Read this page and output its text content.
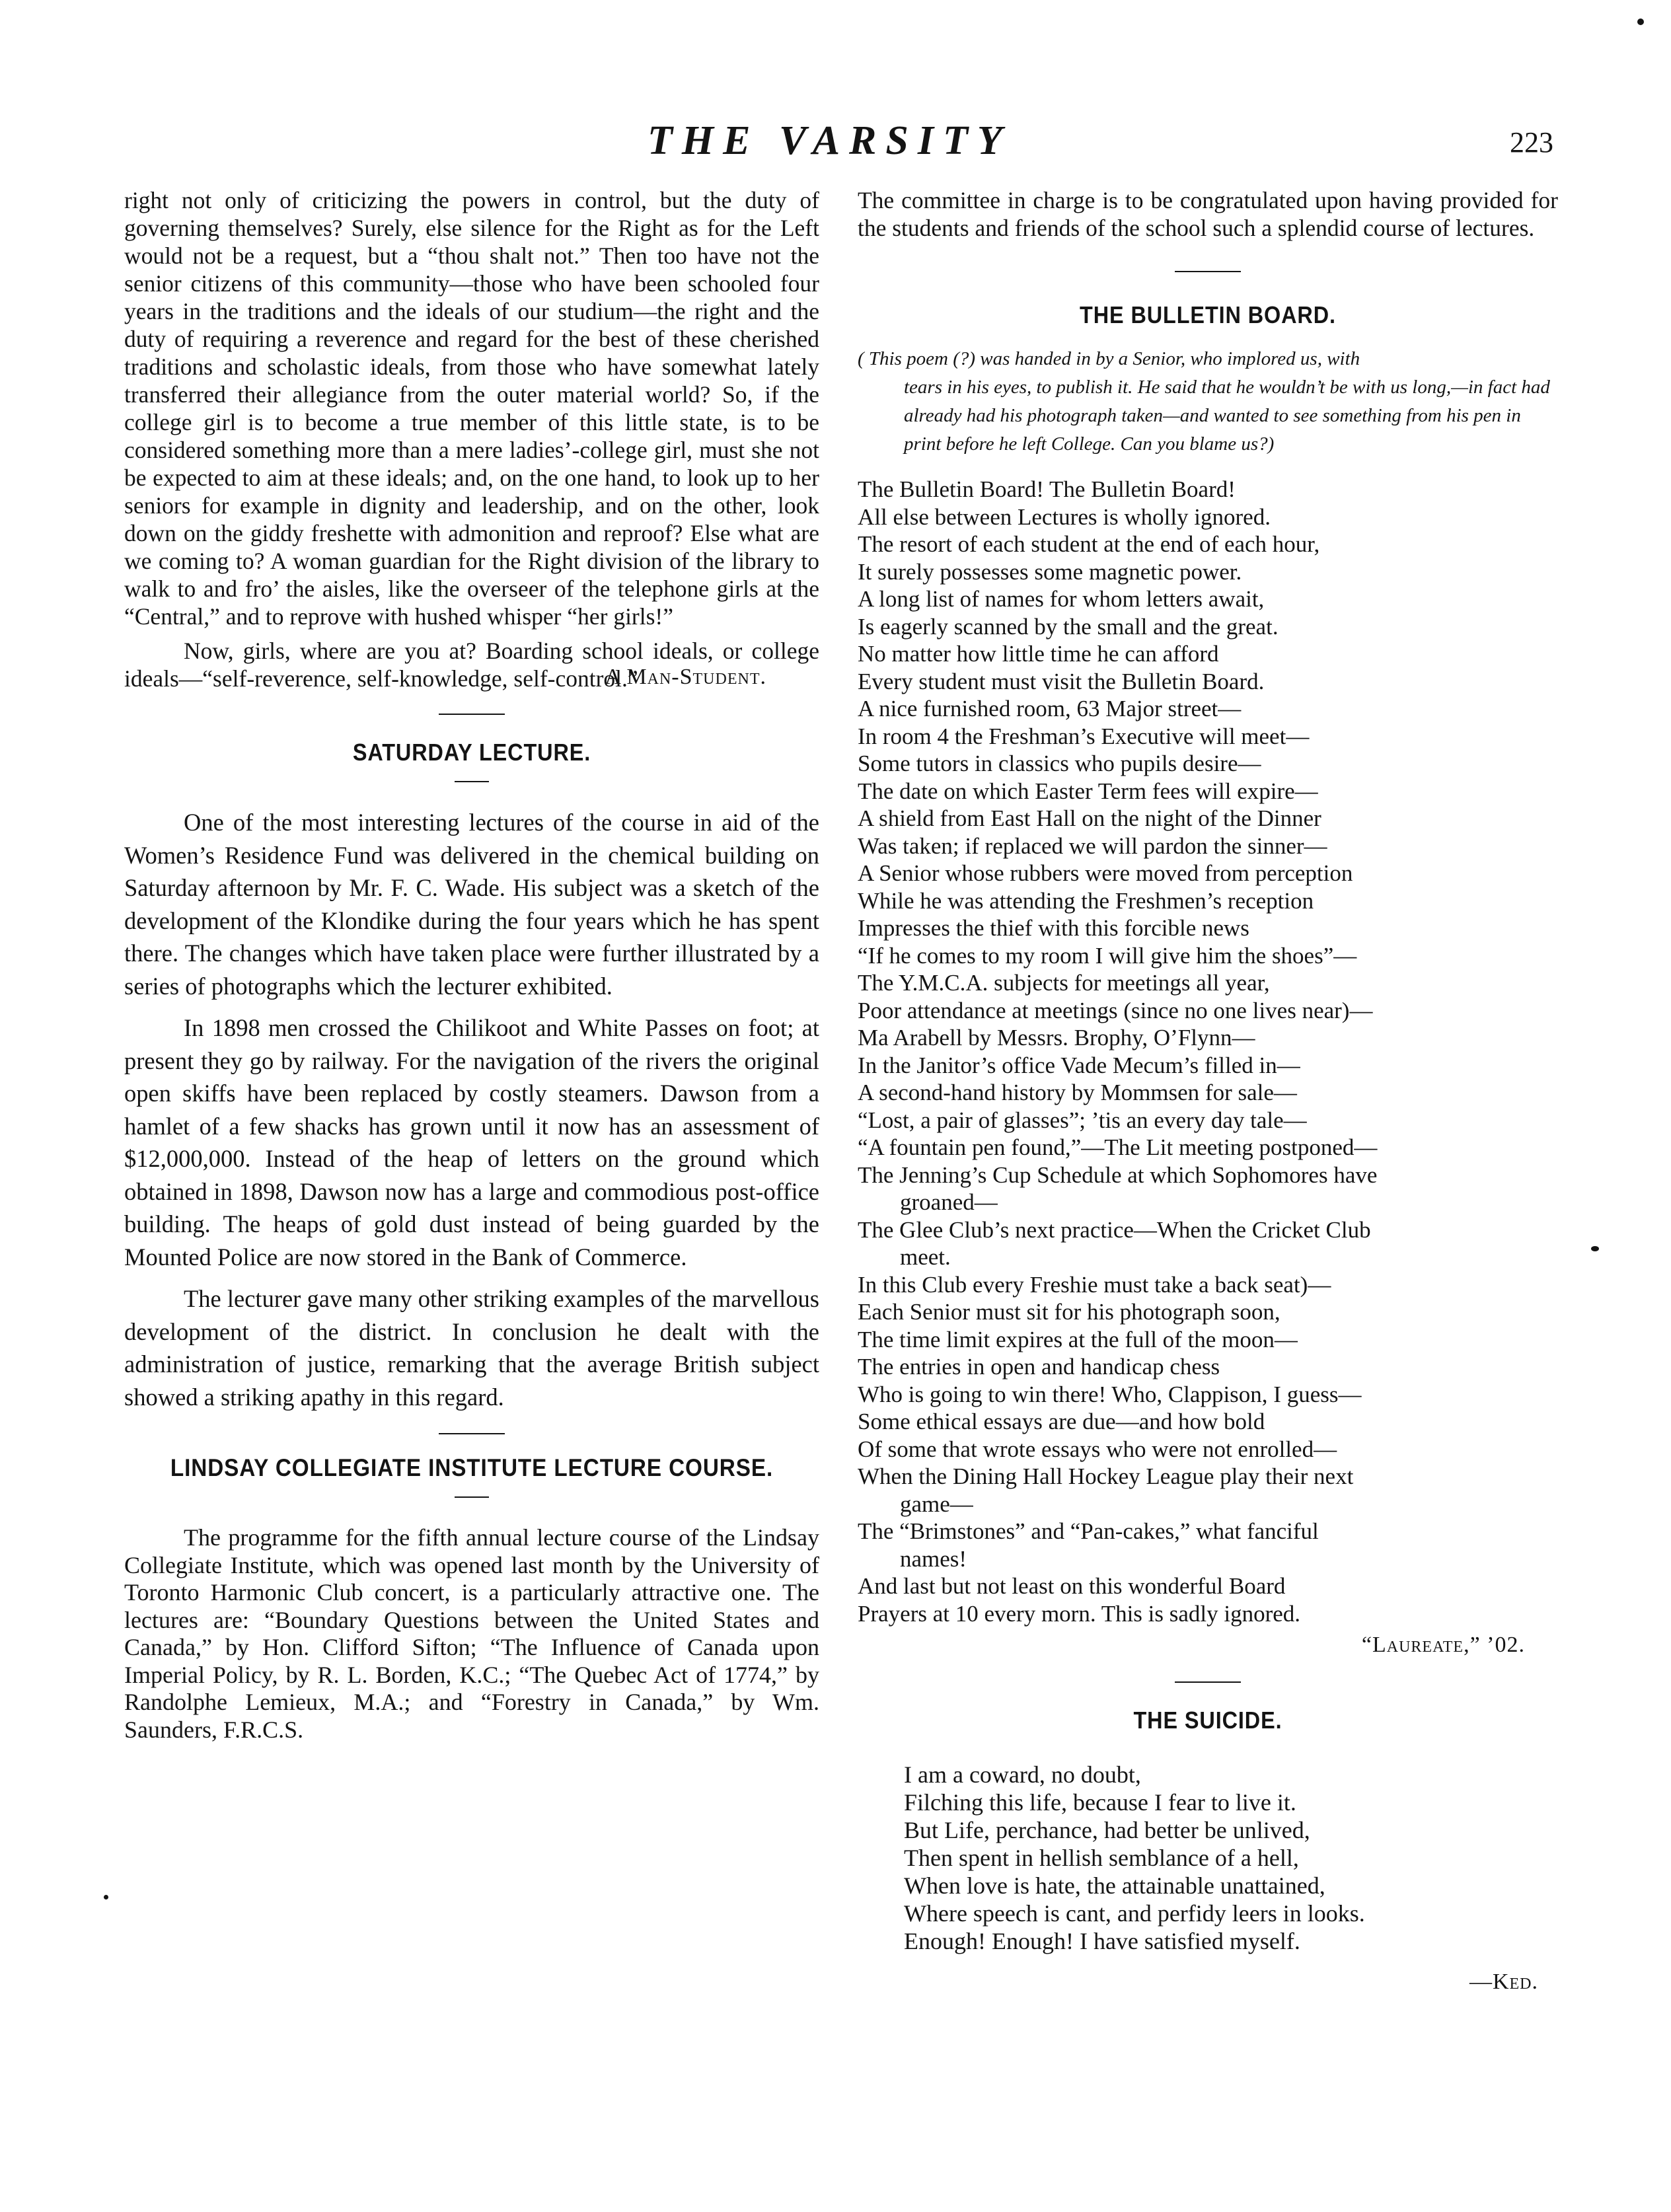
THE VARSITY	223

right not only of criticizing the powers in control, but the duty of governing themselves? Surely, else silence for the Right as for the Left would not be a request, but a “thou shalt not.” Then too have not the senior citizens of this community—those who have been schooled four years in the traditions and the ideals of our studium—the right and the duty of requiring a reverence and regard for the best of these cherished traditions and scholastic ideals, from those who have somewhat lately transferred their allegiance from the outer material world? So, if the college girl is to become a true member of this little state, is to be considered something more than a mere ladies’-college girl, must she not be expected to aim at these ideals; and, on the one hand, to look up to her seniors for example in dignity and leadership, and on the other, look down on the giddy freshette with admonition and reproof? Else what are we coming to? A woman guardian for the Right division of the library to walk to and fro’ the aisles, like the overseer of the telephone girls at the “Central,” and to reprove with hushed whisper “her girls!”

Now, girls, where are you at? Boarding school ideals, or college ideals—“self-reverence, self-knowledge, self-control.”

A Man-Student.
SATURDAY LECTURE.

One of the most interesting lectures of the course in aid of the Women’s Residence Fund was delivered in the chemical building on Saturday afternoon by Mr. F. C. Wade. His subject was a sketch of the development of the Klondike during the four years which he has spent there. The changes which have taken place were further illustrated by a series of photographs which the lecturer exhibited.

In 1898 men crossed the Chilikoot and White Passes on foot; at present they go by railway. For the navigation of the rivers the original open skiffs have been replaced by costly steamers. Dawson from a hamlet of a few shacks has grown until it now has an assessment of $12,000,000. Instead of the heap of letters on the ground which obtained in 1898, Dawson now has a large and commodious post-office building. The heaps of gold dust instead of being guarded by the Mounted Police are now stored in the Bank of Commerce.

The lecturer gave many other striking examples of the marvellous development of the district. In conclusion he dealt with the administration of justice, remarking that the average British subject showed a striking apathy in this regard.

LINDSAY COLLEGIATE INSTITUTE LECTURE COURSE.

The programme for the fifth annual lecture course of the Lindsay Collegiate Institute, which was opened last month by the University of Toronto Harmonic Club concert, is a particularly attractive one. The lectures are: “Boundary Questions between the United States and Canada,” by Hon. Clifford Sifton; “The Influence of Canada upon Imperial Policy, by R. L. Borden, K.C.; “The Quebec Act of 1774,” by Randolphe Lemieux, M.A.; and “Forestry in Canada,” by Wm. Saunders, F.R.C.S.

The committee in charge is to be congratulated upon having provided for the students and friends of the school such a splendid course of lectures.

THE BULLETIN BOARD.
( This poem (?) was handed in by a Senior, who implored us, with
tears in his eyes, to publish it. He said that he wouldn’t be with us long,—in fact had already had his photograph taken—and wanted to see something from his pen in print before he left College. Can you blame us?)
The Bulletin Board! The Bulletin Board!
All else between Lectures is wholly ignored.
The resort of each student at the end of each hour,
It surely possesses some magnetic power.
A long list of names for whom letters await,
Is eagerly scanned by the small and the great.
No matter how little time he can afford
Every student must visit the Bulletin Board.
A nice furnished room, 63 Major street—
In room 4 the Freshman’s Executive will meet—
Some tutors in classics who pupils desire—
The date on which Easter Term fees will expire—
A shield from East Hall on the night of the Dinner
Was taken; if replaced we will pardon the sinner—
A Senior whose rubbers were moved from perception
While he was attending the Freshmen’s reception
Impresses the thief with this forcible news
“If he comes to my room I will give him the shoes”—
The Y.M.C.A. subjects for meetings all year,
Poor attendance at meetings (since no one lives near)—
Ma Arabell by Messrs. Brophy, O’Flynn—
In the Janitor’s office Vade Mecum’s filled in—
A second-hand history by Mommsen for sale—
“Lost, a pair of glasses”; ’tis an every day tale—
“A fountain pen found,”—The Lit meeting postponed—
The Jenning’s Cup Schedule at which Sophomores have
groaned—
The Glee Club’s next practice—When the Cricket Club
meet.
In this Club every Freshie must take a back seat)—
Each Senior must sit for his photograph soon,
The time limit expires at the full of the moon—
The entries in open and handicap chess
Who is going to win there! Who, Clappison, I guess—
Some ethical essays are due—and how bold
Of some that wrote essays who were not enrolled—
When the Dining Hall Hockey League play their next
game—
The “Brimstones” and “Pan-cakes,” what fanciful
names!
And last but not least on this wonderful Board
Prayers at 10 every morn. This is sadly ignored.
“Laureate,” ’02.
THE SUICIDE.
I am a coward, no doubt,
Filching this life, because I fear to live it.
But Life, perchance, had better be unlived,
Then spent in hellish semblance of a hell,
When love is hate, the attainable unattained,
Where speech is cant, and perfidy leers in looks.
Enough! Enough! I have satisfied myself.
—Ked.
